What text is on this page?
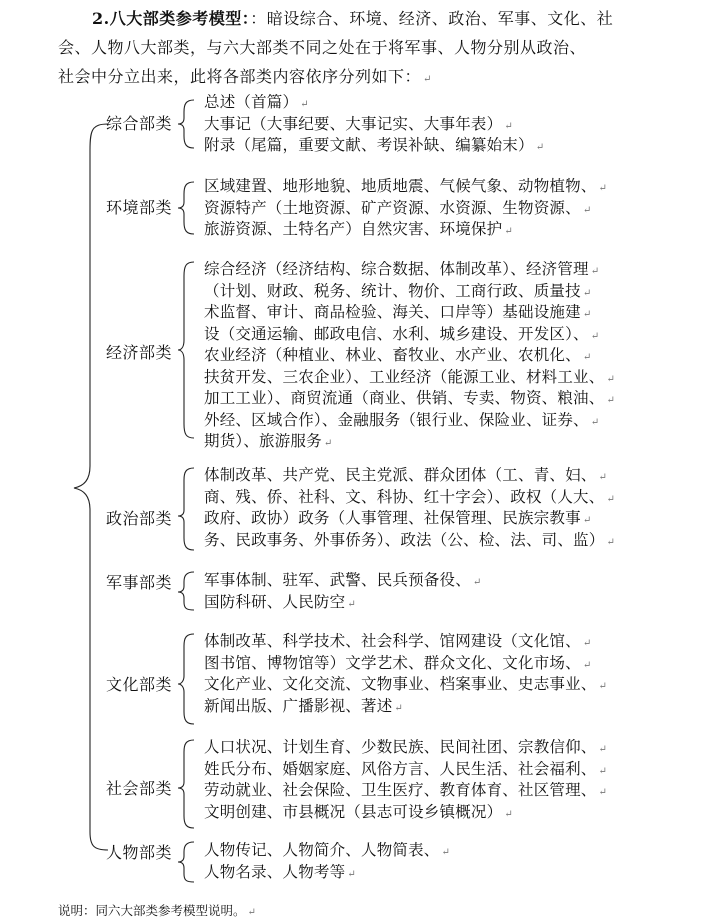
2.八大部类参考模型：：暗设综合、环境、经济、政治、军事、文化、社
会、人物八大部类，与六大部类不同之处在于将军事、人物分别从政治、
社会中分立出来，此将各部类内容依序分列如下： ↵
综合部类
总述（首篇） ↵
大事记（大事纪要、大事记实、大事年表） ↵
附录（尾篇，重要文献、考误补缺、编纂始末） ↵
环境部类
区域建置、地形地貌、地质地震、气候气象、动物植物、 ↵
资源特产（土地资源、矿产资源、水资源、生物资源、 ↵
旅游资源、土特名产）自然灾害、环境保护 ↵
经济部类
综合经济（经济结构、综合数据、体制改革）、经济管理 ↵
（计划、财政、税务、统计、物价、工商行政、质量技 ↵
术监督、审计、商品检验、海关、口岸等）基础设施建 ↵
设（交通运输、邮政电信、水利、城乡建设、开发区）、 ↵
农业经济（种植业、林业、畜牧业、水产业、农机化、 ↵
扶贫开发、三农企业）、工业经济（能源工业、材料工业、 ↵
加工工业）、商贸流通（商业、供销、专卖、物资、粮油、 ↵
外经、区域合作）、金融服务（银行业、保险业、证券、 ↵
期货）、旅游服务 ↵
政治部类
体制改革、共产党、民主党派、群众团体（工、青、妇、 ↵
商、残、侨、社科、文、科协、红十字会）、政权（人大、 ↵
政府、政协）政务（人事管理、社保管理、民族宗教事 ↵
务、民政事务、外事侨务）、政法（公、检、法、司、监） ↵
军事部类	军事体制、驻军、武警、民兵预备役、 ↵
国防科研、人民防空 ↵
文化部类
体制改革、科学技术、社会科学、馆网建设（文化馆、 ↵
图书馆、博物馆等）文学艺术、群众文化、文化市场、 ↵
文化产业、文化交流、文物事业、档案事业、史志事业、 ↵
新闻出版、广播影视、著述 ↵
社会部类
人口状况、计划生育、少数民族、民间社团、宗教信仰、 ↵
姓氏分布、婚姻家庭、风俗方言、人民生活、社会福利、 ↵
劳动就业、社会保险、卫生医疗、教育体育、社区管理、 ↵
文明创建、市县概况（县志可设乡镇概况） ↵
人物部类	人物传记、人物简介、人物简表、 ↵
人物名录、人物考等 ↵
说明：同六大部类参考模型说明。 ↵
